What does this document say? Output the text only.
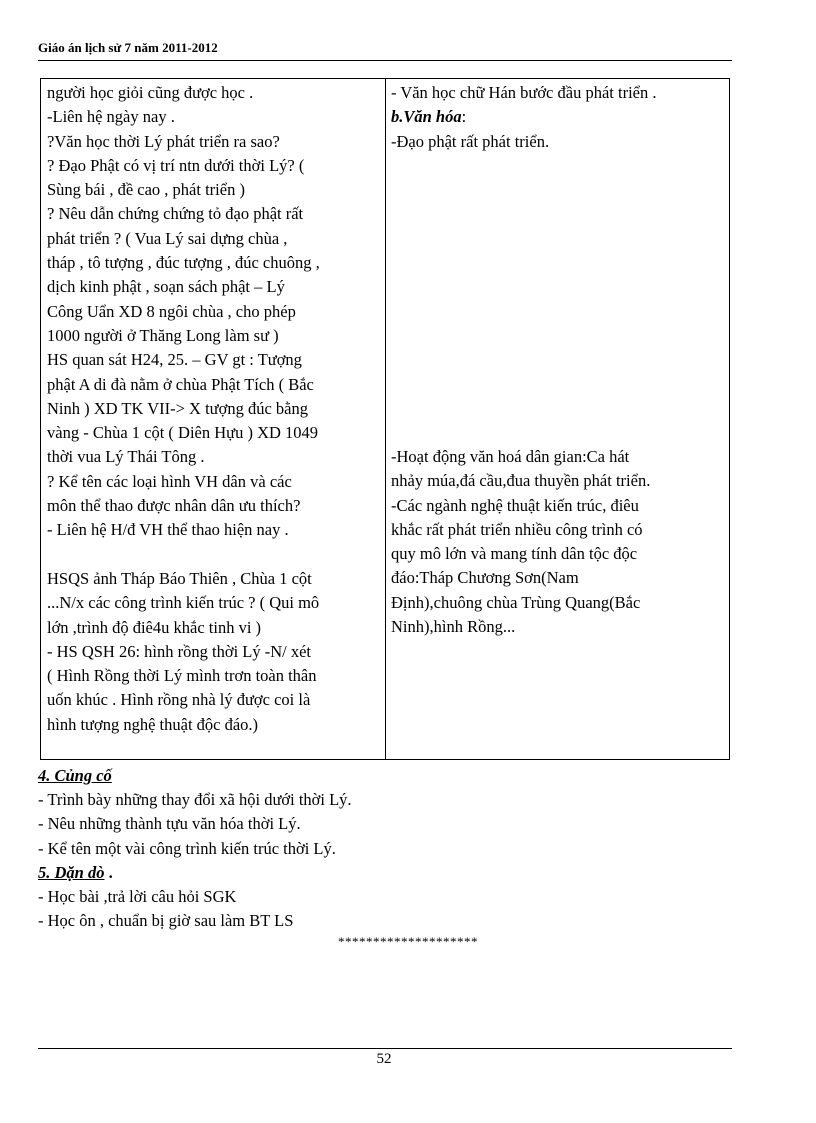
Giáo án lịch sử 7 năm 2011-2012
người học giỏi cũng được học .
-Liên hệ ngày nay .
?Văn học thời Lý phát triển ra sao?
? Đạo Phật có vị trí ntn dưới thời Lý? (
Sùng bái , đề cao , phát triển )
? Nêu dẫn chứng chứng tỏ đạo phật rất
phát triển ? ( Vua Lý sai dựng chùa ,
tháp , tô tượng , đúc tượng , đúc chuông ,
dịch kinh phật , soạn sách phật – Lý
Công Uẩn XD 8 ngôi chùa , cho phép
1000 người ở Thăng Long làm sư )
HS quan sát H24, 25. – GV gt : Tượng
phật A di đà nằm ở chùa Phật Tích ( Bắc
Ninh ) XD TK VII-> X tượng đúc bằng
vàng - Chùa 1 cột ( Diên Hựu ) XD 1049
thời vua Lý Thái Tông .
? Kể tên các loại hình VH dân và các
môn thể thao được nhân dân ưu thích?
- Liên hệ H/đ VH thể thao hiện nay .
HSQS ảnh Tháp Báo Thiên , Chùa 1 cột
...N/x các công trình kiến trúc ? ( Qui mô
lớn ,trình độ điê4u khắc tinh vi )
- HS QSH 26: hình rồng thời Lý -N/ xét
( Hình Rồng thời Lý mình trơn toàn thân
uốn khúc . Hình rồng nhà lý được coi là
hình tượng nghệ thuật độc đáo.)
- Văn học chữ Hán bước đầu phát triển .
b.Văn hóa:
-Đạo phật rất phát triển.
-Hoạt động văn hoá dân gian:Ca hát
nhảy múa,đá cầu,đua thuyền phát triển.
-Các ngành nghệ thuật kiến trúc, điêu
khắc rất phát triển nhiều công trình có
quy mô lớn và mang tính dân tộc độc
đáo:Tháp Chương Sơn(Nam
Định),chuông chùa Trùng Quang(Bắc
Ninh),hình Rồng...
4. Củng cố
- Trình bày những thay đổi xã hội dưới thời Lý.
- Nêu những thành tựu văn hóa thời Lý.
- Kể tên một vài công trình kiến trúc thời Lý.
5. Dặn dò .
- Học bài ,trả lời câu hỏi SGK
- Học ôn , chuẩn bị giờ sau làm BT LS
********************
52
